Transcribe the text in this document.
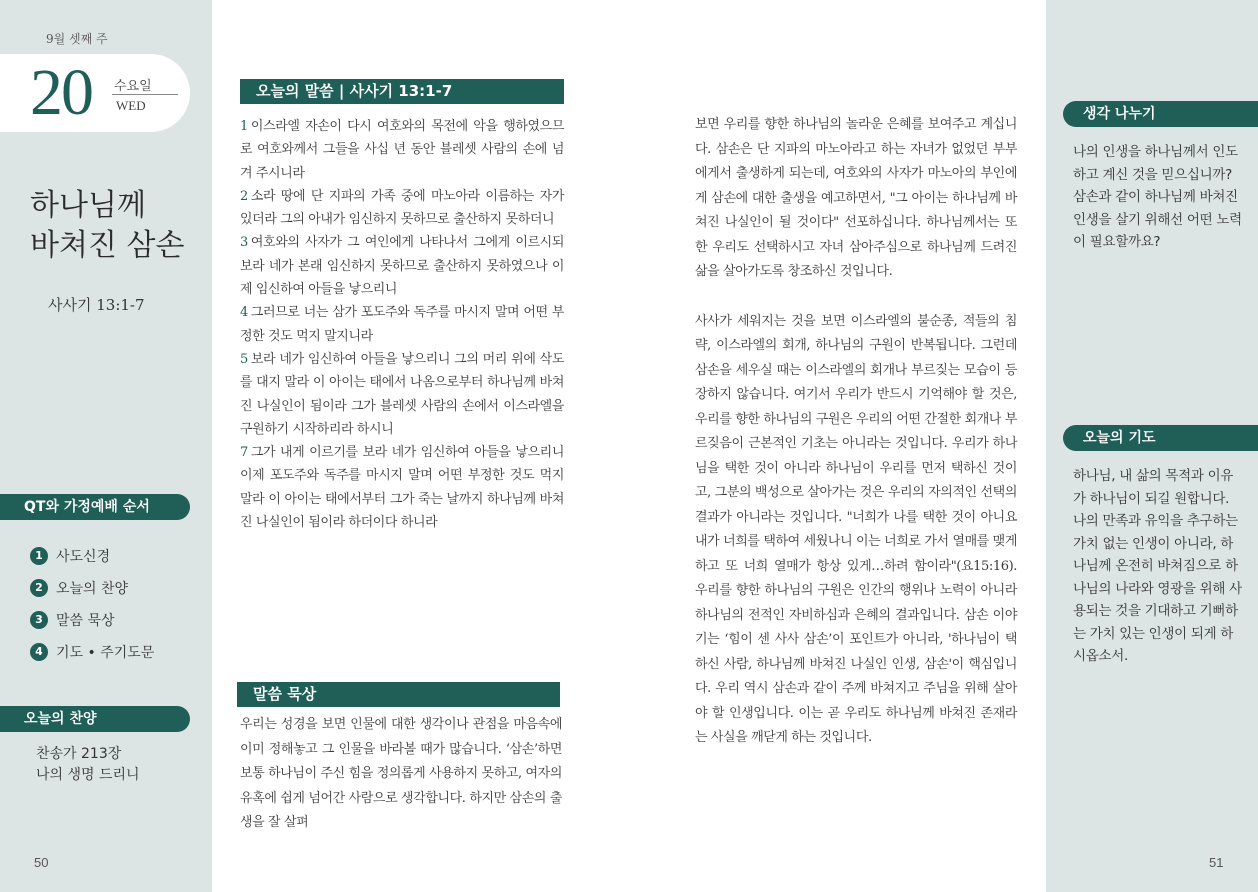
9월 셋째 주
20 수요일
WED
하나님께
바쳐진 삼손
사사기 13:1-7
QT와 가정예배 순서
1 사도신경
2 오늘의 찬양
3 말씀 묵상
4 기도 • 주기도문
오늘의 찬양
찬송가 213장
나의 생명 드리니
50
오늘의 말씀 | 사사기 13:1-7
1 이스라엘 자손이 다시 여호와의 목전에 악을 행하였으므로 여호와께서 그들을 사십 년 동안 블레셋 사람의 손에 넘겨 주시니라
2 소라 땅에 단 지파의 가족 중에 마노아라 이름하는 자가 있더라 그의 아내가 임신하지 못하므로 출산하지 못하더니
3 여호와의 사자가 그 여인에게 나타나서 그에게 이르시되 보라 네가 본래 임신하지 못하므로 출산하지 못하였으나 이제 임신하여 아들을 낳으리니
4 그러므로 너는 삼가 포도주와 독주를 마시지 말며 어떤 부정한 것도 먹지 말지니라
5 보라 네가 임신하여 아들을 낳으리니 그의 머리 위에 삭도를 대지 말라 이 아이는 태에서 나옴으로부터 하나님께 바쳐진 나실인이 됨이라 그가 블레셋 사람의 손에서 이스라엘을 구원하기 시작하리라 하시니
7 그가 내게 이르기를 보라 네가 임신하여 아들을 낳으리니 이제 포도주와 독주를 마시지 말며 어떤 부정한 것도 먹지 말라 이 아이는 태에서부터 그가 죽는 날까지 하나님께 바쳐진 나실인이 됨이라 하더이다 하니라
말씀 묵상
우리는 성경을 보면 인물에 대한 생각이나 관점을 마음속에 이미 정해놓고 그 인물을 바라볼 때가 많습니다. ‘삼손’하면 보통 하나님이 주신 힘을 정의롭게 사용하지 못하고, 여자의 유혹에 쉽게 넘어간 사람으로 생각합니다. 하지만 삼손의 출생을 잘 살펴

보면 우리를 향한 하나님의 놀라운 은혜를 보여주고 계십니다. 삼손은 단 지파의 마노아라고 하는 자녀가 없었던 부부에게서 출생하게 되는데, 여호와의 사자가 마노아의 부인에게 삼손에 대한 출생을 예고하면서, "그 아이는 하나님께 바쳐진 나실인이 될 것이다" 선포하십니다. 하나님께서는 또한 우리도 선택하시고 자녀 삼아주심으로 하나님께 드려진 삶을 살아가도록 창조하신 것입니다.

사사가 세워지는 것을 보면 이스라엘의 불순종, 적들의 침략, 이스라엘의 회개, 하나님의 구원이 반복됩니다. 그런데 삼손을 세우실 때는 이스라엘의 회개나 부르짖는 모습이 등장하지 않습니다. 여기서 우리가 반드시 기억해야 할 것은, 우리를 향한 하나님의 구원은 우리의 어떤 간절한 회개나 부르짖음이 근본적인 기초는 아니라는 것입니다. 우리가 하나님을 택한 것이 아니라 하나님이 우리를 먼저 택하신 것이고, 그분의 백성으로 살아가는 것은 우리의 자의적인 선택의 결과가 아니라는 것입니다. "너희가 나를 택한 것이 아니요 내가 너희를 택하여 세웠나니 이는 너희로 가서 열매를 맺게 하고 또 너희 열매가 항상 있게…하려 함이라"(요15:16). 우리를 향한 하나님의 구원은 인간의 행위나 노력이 아니라 하나님의 전적인 자비하심과 은혜의 결과입니다. 삼손 이야기는 ‘힘이 센 사사 삼손’이 포인트가 아니라, '하나님이 택하신 사람, 하나님께 바쳐진 나실인 인생, 삼손'이 핵심입니다. 우리 역시 삼손과 같이 주께 바쳐지고 주님을 위해 살아야 할 인생입니다. 이는 곧 우리도 하나님께 바쳐진 존재라는 사실을 깨닫게 하는 것입니다.

생각 나누기
나의 인생을 하나님께서 인도하고 계신 것을 믿으십니까? 삼손과 같이 하나님께 바쳐진 인생을 살기 위해선 어떤 노력이 필요할까요?
오늘의 기도
하나님, 내 삶의 목적과 이유가 하나님이 되길 원합니다. 나의 만족과 유익을 추구하는 가치 없는 인생이 아니라, 하나님께 온전히 바쳐짐으로 하나님의 나라와 영광을 위해 사용되는 것을 기대하고 기뻐하는 가치 있는 인생이 되게 하시옵소서.
51
